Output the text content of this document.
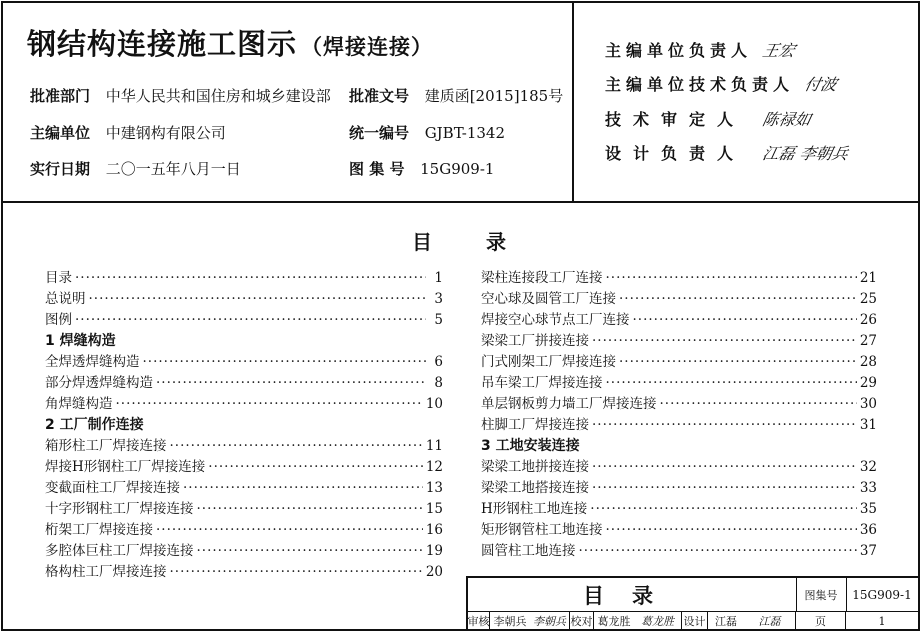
钢结构连接施工图示 （焊接连接）
批准部门 中华人民共和国住房和城乡建设部 批准文号 建质函[2015]185号
主编单位 中建钢构有限公司	统一编号 GJBT-1342
实行日期 二〇一五年八月一日	图 集 号 15G909-1
主编单位负责人 王宏
主编单位技术负责人 付波
技术审定人 陈禄如
设计负责人 江磊 李朝兵
目	录
目录 ·····	1
总说明 ·····	3
图例 ·····	5
1 焊缝构造
全焊透焊缝构造 ·····	6
部分焊透焊缝构造 ·····	8
角焊缝构造 ·····	10
2 工厂制作连接
箱形柱工厂焊接连接 ·····	11
焊接H形钢柱工厂焊接连接 ·····	12
变截面柱工厂焊接连接 ·····	13
十字形钢柱工厂焊接连接 ·····	15
桁架工厂焊接连接 ·····	16
多腔体巨柱工厂焊接连接 ·····	19
格构柱工厂焊接连接 ·····	20
梁柱连接段工厂连接 ·····	21
空心球及圆管工厂连接 ·····	25
焊接空心球节点工厂连接 ·····	26
梁梁工厂拼接连接 ·····	27
门式刚架工厂焊接连接 ·····	28
吊车梁工厂焊接连接 ·····	29
单层钢板剪力墙工厂焊接连接 ·····	30
柱脚工厂焊接连接 ·····	31
3 工地安装连接
梁梁工地拼接连接 ·····	32
梁梁工地搭接连接 ·····	33
H形钢柱工地连接 ·····	35
矩形钢管柱工地连接 ·····	36
圆管柱工地连接 ·····	37
目录	图集号	15G909-1
审核 李朝兵 李朝兵 校对 葛龙胜 葛龙胜 设计 江磊	江磊	页	1
